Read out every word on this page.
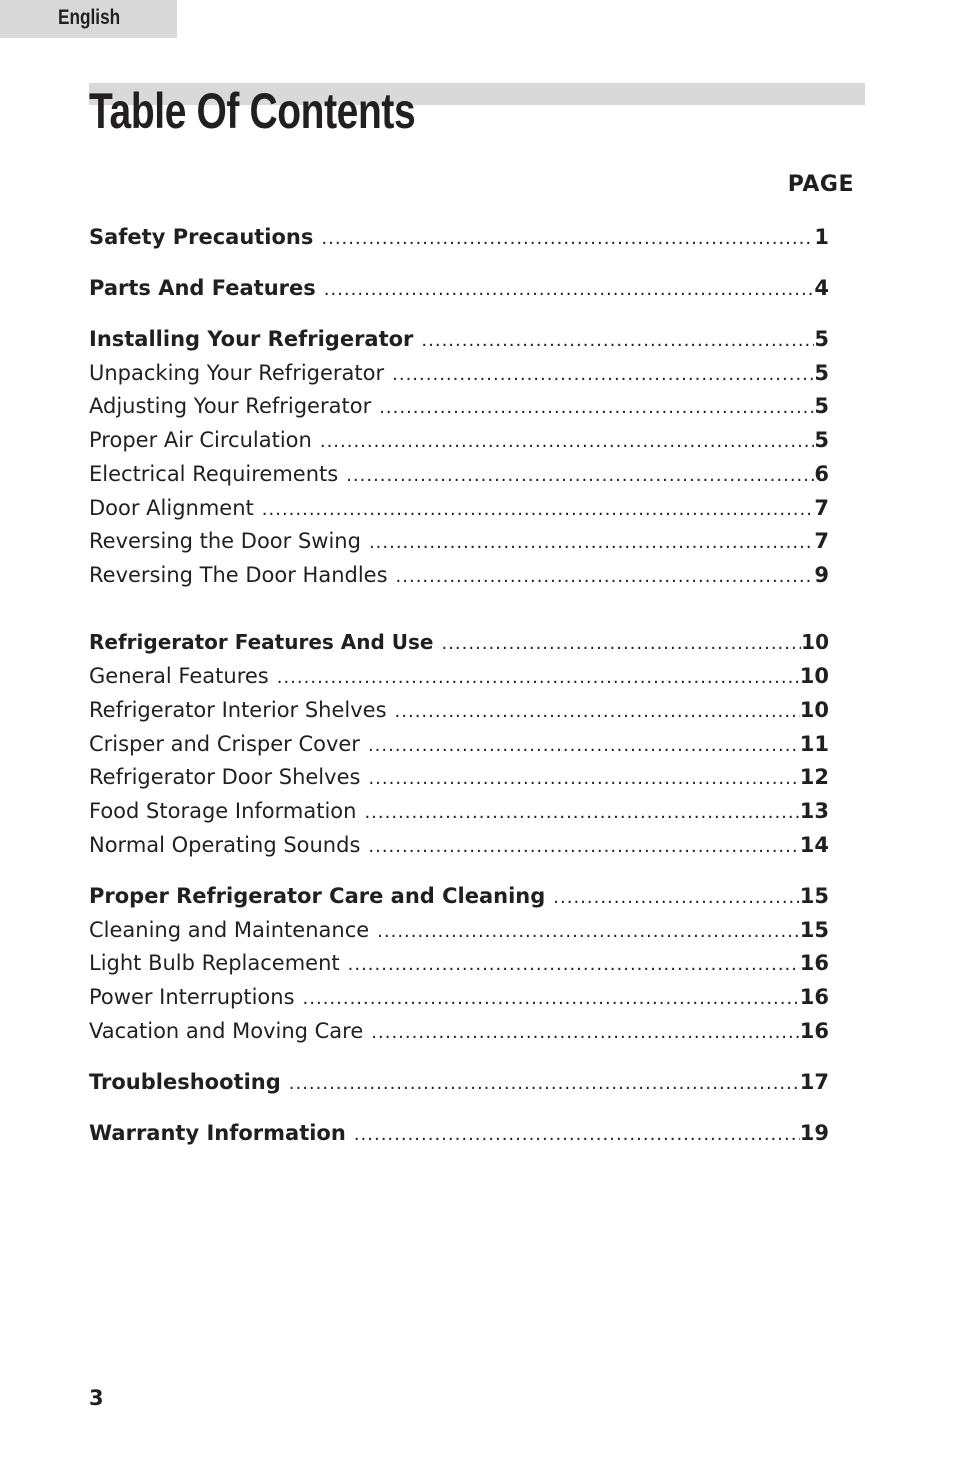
English
Table Of Contents
PAGE
Safety Precautions .....	1
Parts And Features .....	4
Installing Your Refrigerator .....	5
Unpacking Your Refrigerator .....	5
Adjusting Your Refrigerator .....	5
Proper Air Circulation .....	5
Electrical Requirements .....	6
Door Alignment .....	7
Reversing the Door Swing .....	7
Reversing The Door Handles .....	9
Refrigerator Features And Use .....	10
General Features .....	10
Refrigerator Interior Shelves .....	10
Crisper and Crisper Cover .....	11
Refrigerator Door Shelves .....	12
Food Storage Information .....	13
Normal Operating Sounds .....	14
Proper Refrigerator Care and Cleaning .....	15
Cleaning and Maintenance .....	15
Light Bulb Replacement .....	16
Power Interruptions .....	16
Vacation and Moving Care .....	16
Troubleshooting .....	17
Warranty Information .....	19
3
